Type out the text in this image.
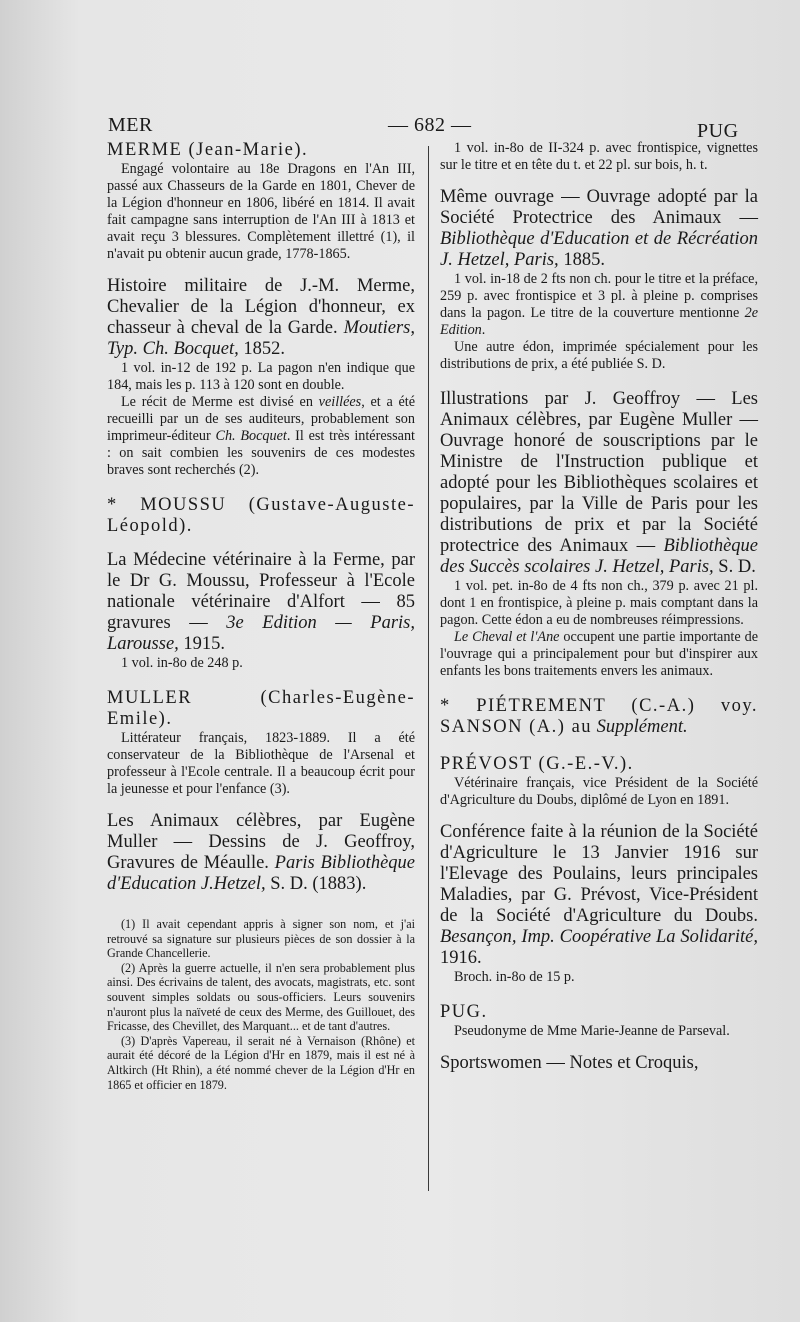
MER	— 682 —	PUG

MERME (Jean-Marie).

Engagé volontaire au 18e Dragons en l'An III, passé aux Chasseurs de la Garde en 1801, Chever de la Légion d'honneur en 1806, libéré en 1814. Il avait fait campagne sans interruption de l'An III à 1813 et avait reçu 3 blessures. Complètement illettré (1), il n'avait pu obtenir aucun grade, 1778-1865.

Histoire militaire de J.-M. Merme, Chevalier de la Légion d'honneur, ex chasseur à cheval de la Garde. Moutiers, Typ. Ch. Bocquet, 1852.

1 vol. in-12 de 192 p. La pagon n'en indique que 184, mais les p. 113 à 120 sont en double.

Le récit de Merme est divisé en veillées, et a été recueilli par un de ses auditeurs, probablement son imprimeur-éditeur Ch. Bocquet. Il est très intéressant : on sait combien les souvenirs de ces modestes braves sont recherchés (2).

* MOUSSU (Gustave-Auguste-Léopold).

La Médecine vétérinaire à la Ferme, par le Dr G. Moussu, Professeur à l'Ecole nationale vétérinaire d'Alfort — 85 gravures — 3e Edition — Paris, Larousse, 1915.

1 vol. in-8o de 248 p.

MULLER (Charles-Eugène-Emile).

Littérateur français, 1823-1889. Il a été conservateur de la Bibliothèque de l'Arsenal et professeur à l'Ecole centrale. Il a beaucoup écrit pour la jeunesse et pour l'enfance (3).

Les Animaux célèbres, par Eugène Muller — Dessins de J. Geoffroy, Gravures de Méaulle. Paris Bibliothèque d'Education J.Hetzel, S. D. (1883).

(1) Il avait cependant appris à signer son nom, et j'ai retrouvé sa signature sur plusieurs pièces de son dossier à la Grande Chancellerie.

(2) Après la guerre actuelle, il n'en sera probablement plus ainsi. Des écrivains de talent, des avocats, magistrats, etc. sont souvent simples soldats ou sous-officiers. Leurs souvenirs n'auront plus la naïveté de ceux des Merme, des Guillouet, des Fricasse, des Chevillet, des Marquant... et de tant d'autres.

(3) D'après Vapereau, il serait né à Vernaison (Rhône) et aurait été décoré de la Légion d'Hr en 1879, mais il est né à Altkirch (Ht Rhin), a été nommé chever de la Légion d'Hr en 1865 et officier en 1879.

1 vol. in-8o de II-324 p. avec frontispice, vignettes sur le titre et en tête du t. et 22 pl. sur bois, h. t.

Même ouvrage — Ouvrage adopté par la Société Protectrice des Animaux — Bibliothèque d'Education et de Récréation J. Hetzel, Paris, 1885.

1 vol. in-18 de 2 fts non ch. pour le titre et la préface, 259 p. avec frontispice et 3 pl. à pleine p. comprises dans la pagon. Le titre de la couverture mentionne 2e Edition.

Une autre édon, imprimée spécialement pour les distributions de prix, a été publiée S. D.

Illustrations par J. Geoffroy — Les Animaux célèbres, par Eugène Muller — Ouvrage honoré de souscriptions par le Ministre de l'Instruction publique et adopté pour les Bibliothèques scolaires et populaires, par la Ville de Paris pour les distributions de prix et par la Société protectrice des Animaux — Bibliothèque des Succès scolaires J. Hetzel, Paris, S. D.

1 vol. pet. in-8o de 4 fts non ch., 379 p. avec 21 pl. dont 1 en frontispice, à pleine p. mais comptant dans la pagon. Cette édon a eu de nombreuses réimpressions.

Le Cheval et l'Ane occupent une partie importante de l'ouvrage qui a principalement pour but d'inspirer aux enfants les bons traitements envers les animaux.

* PIÉTREMENT (C.-A.) voy. SANSON (A.) au Supplément.

PRÉVOST (G.-E.-V.).

Vétérinaire français, vice Président de la Société d'Agriculture du Doubs, diplômé de Lyon en 1891.

Conférence faite à la réunion de la Société d'Agriculture le 13 Janvier 1916 sur l'Elevage des Poulains, leurs principales Maladies, par G. Prévost, Vice-Président de la Société d'Agriculture du Doubs. Besançon, Imp. Coopérative La Solidarité, 1916.

Broch. in-8o de 15 p.

PUG.

Pseudonyme de Mme Marie-Jeanne de Parseval.

Sportswomen — Notes et Croquis,
